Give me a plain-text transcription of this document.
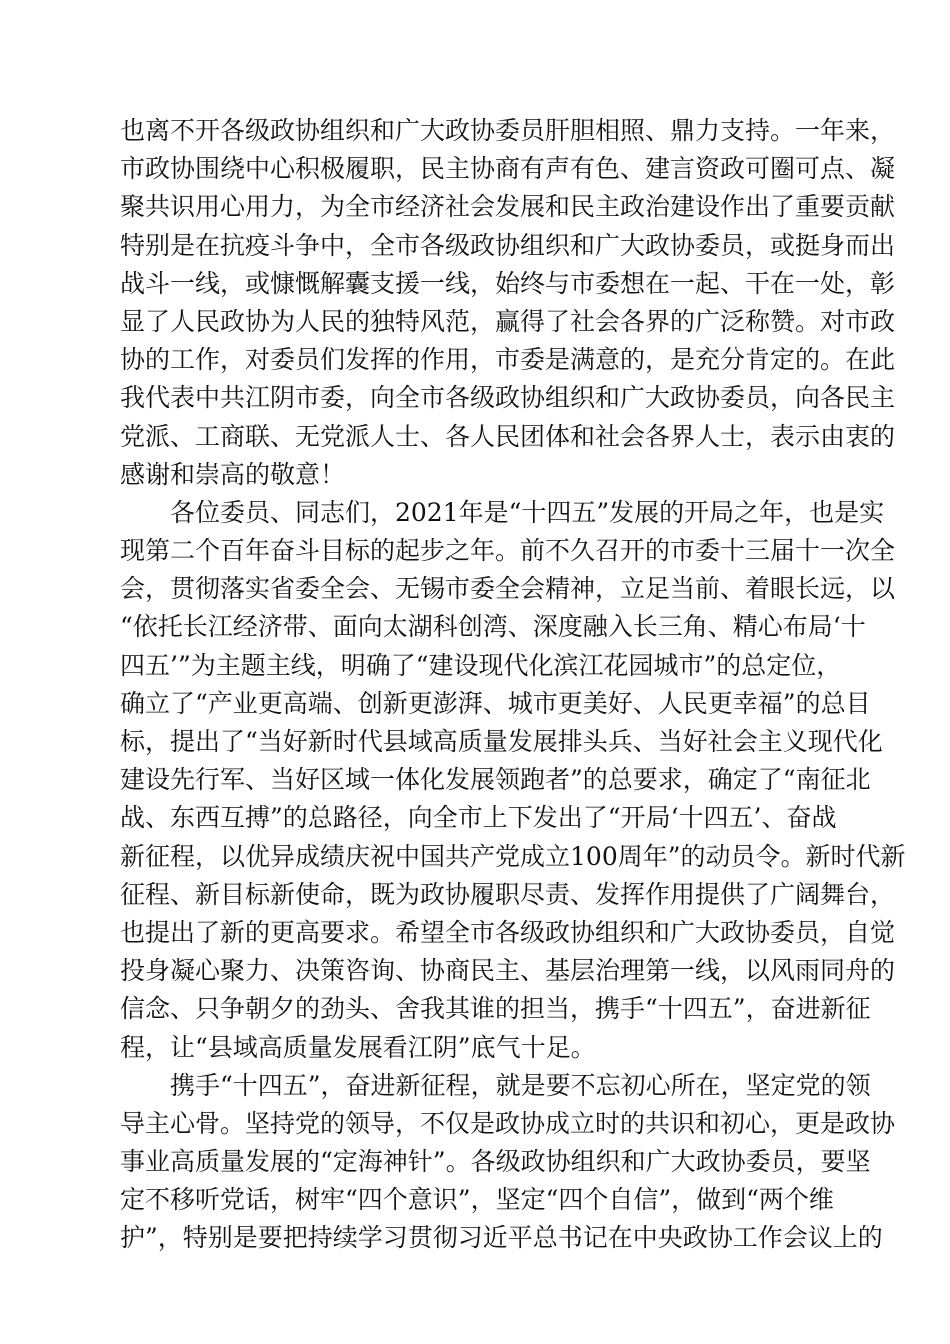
也离不开各级政协组织和广大政协委员肝胆相照、鼎力支持。一年来，
市政协围绕中心积极履职，民主协商有声有色、建言资政可圈可点、凝
聚共识用心用力，为全市经济社会发展和民主政治建设作出了重要贡献
特别是在抗疫斗争中，全市各级政协组织和广大政协委员，或挺身而出
战斗一线，或慷慨解囊支援一线，始终与市委想在一起、干在一处，彰
显了人民政协为人民的独特风范，赢得了社会各界的广泛称赞。对市政
协的工作，对委员们发挥的作用，市委是满意的，是充分肯定的。在此
我代表中共江阴市委，向全市各级政协组织和广大政协委员，向各民主
党派、工商联、无党派人士、各人民团体和社会各界人士，表示由衷的
感谢和崇高的敬意！
各位委员、同志们，2021年是“十四五”发展的开局之年，也是实
现第二个百年奋斗目标的起步之年。前不久召开的市委十三届十一次全
会，贯彻落实省委全会、无锡市委全会精神，立足当前、着眼长远，以
“依托长江经济带、面向太湖科创湾、深度融入长三角、精心布局‘十
四五’”为主题主线，明确了“建设现代化滨江花园城市”的总定位，
确立了“产业更高端、创新更澎湃、城市更美好、人民更幸福”的总目
标，提出了“当好新时代县域高质量发展排头兵、当好社会主义现代化
建设先行军、当好区域一体化发展领跑者”的总要求，确定了“南征北
战、东西互搏”的总路径，向全市上下发出了“开局‘十四五’、奋战
新征程，以优异成绩庆祝中国共产党成立100周年”的动员令。新时代新
征程、新目标新使命，既为政协履职尽责、发挥作用提供了广阔舞台，
也提出了新的更高要求。希望全市各级政协组织和广大政协委员，自觉
投身凝心聚力、决策咨询、协商民主、基层治理第一线，以风雨同舟的
信念、只争朝夕的劲头、舍我其谁的担当，携手“十四五”，奋进新征
程，让“县域高质量发展看江阴”底气十足。
携手“十四五”，奋进新征程，就是要不忘初心所在，坚定党的领
导主心骨。坚持党的领导，不仅是政协成立时的共识和初心，更是政协
事业高质量发展的“定海神针”。各级政协组织和广大政协委员，要坚
定不移听党话，树牢“四个意识”，坚定“四个自信”，做到“两个维
护”，特别是要把持续学习贯彻习近平总书记在中央政协工作会议上的
